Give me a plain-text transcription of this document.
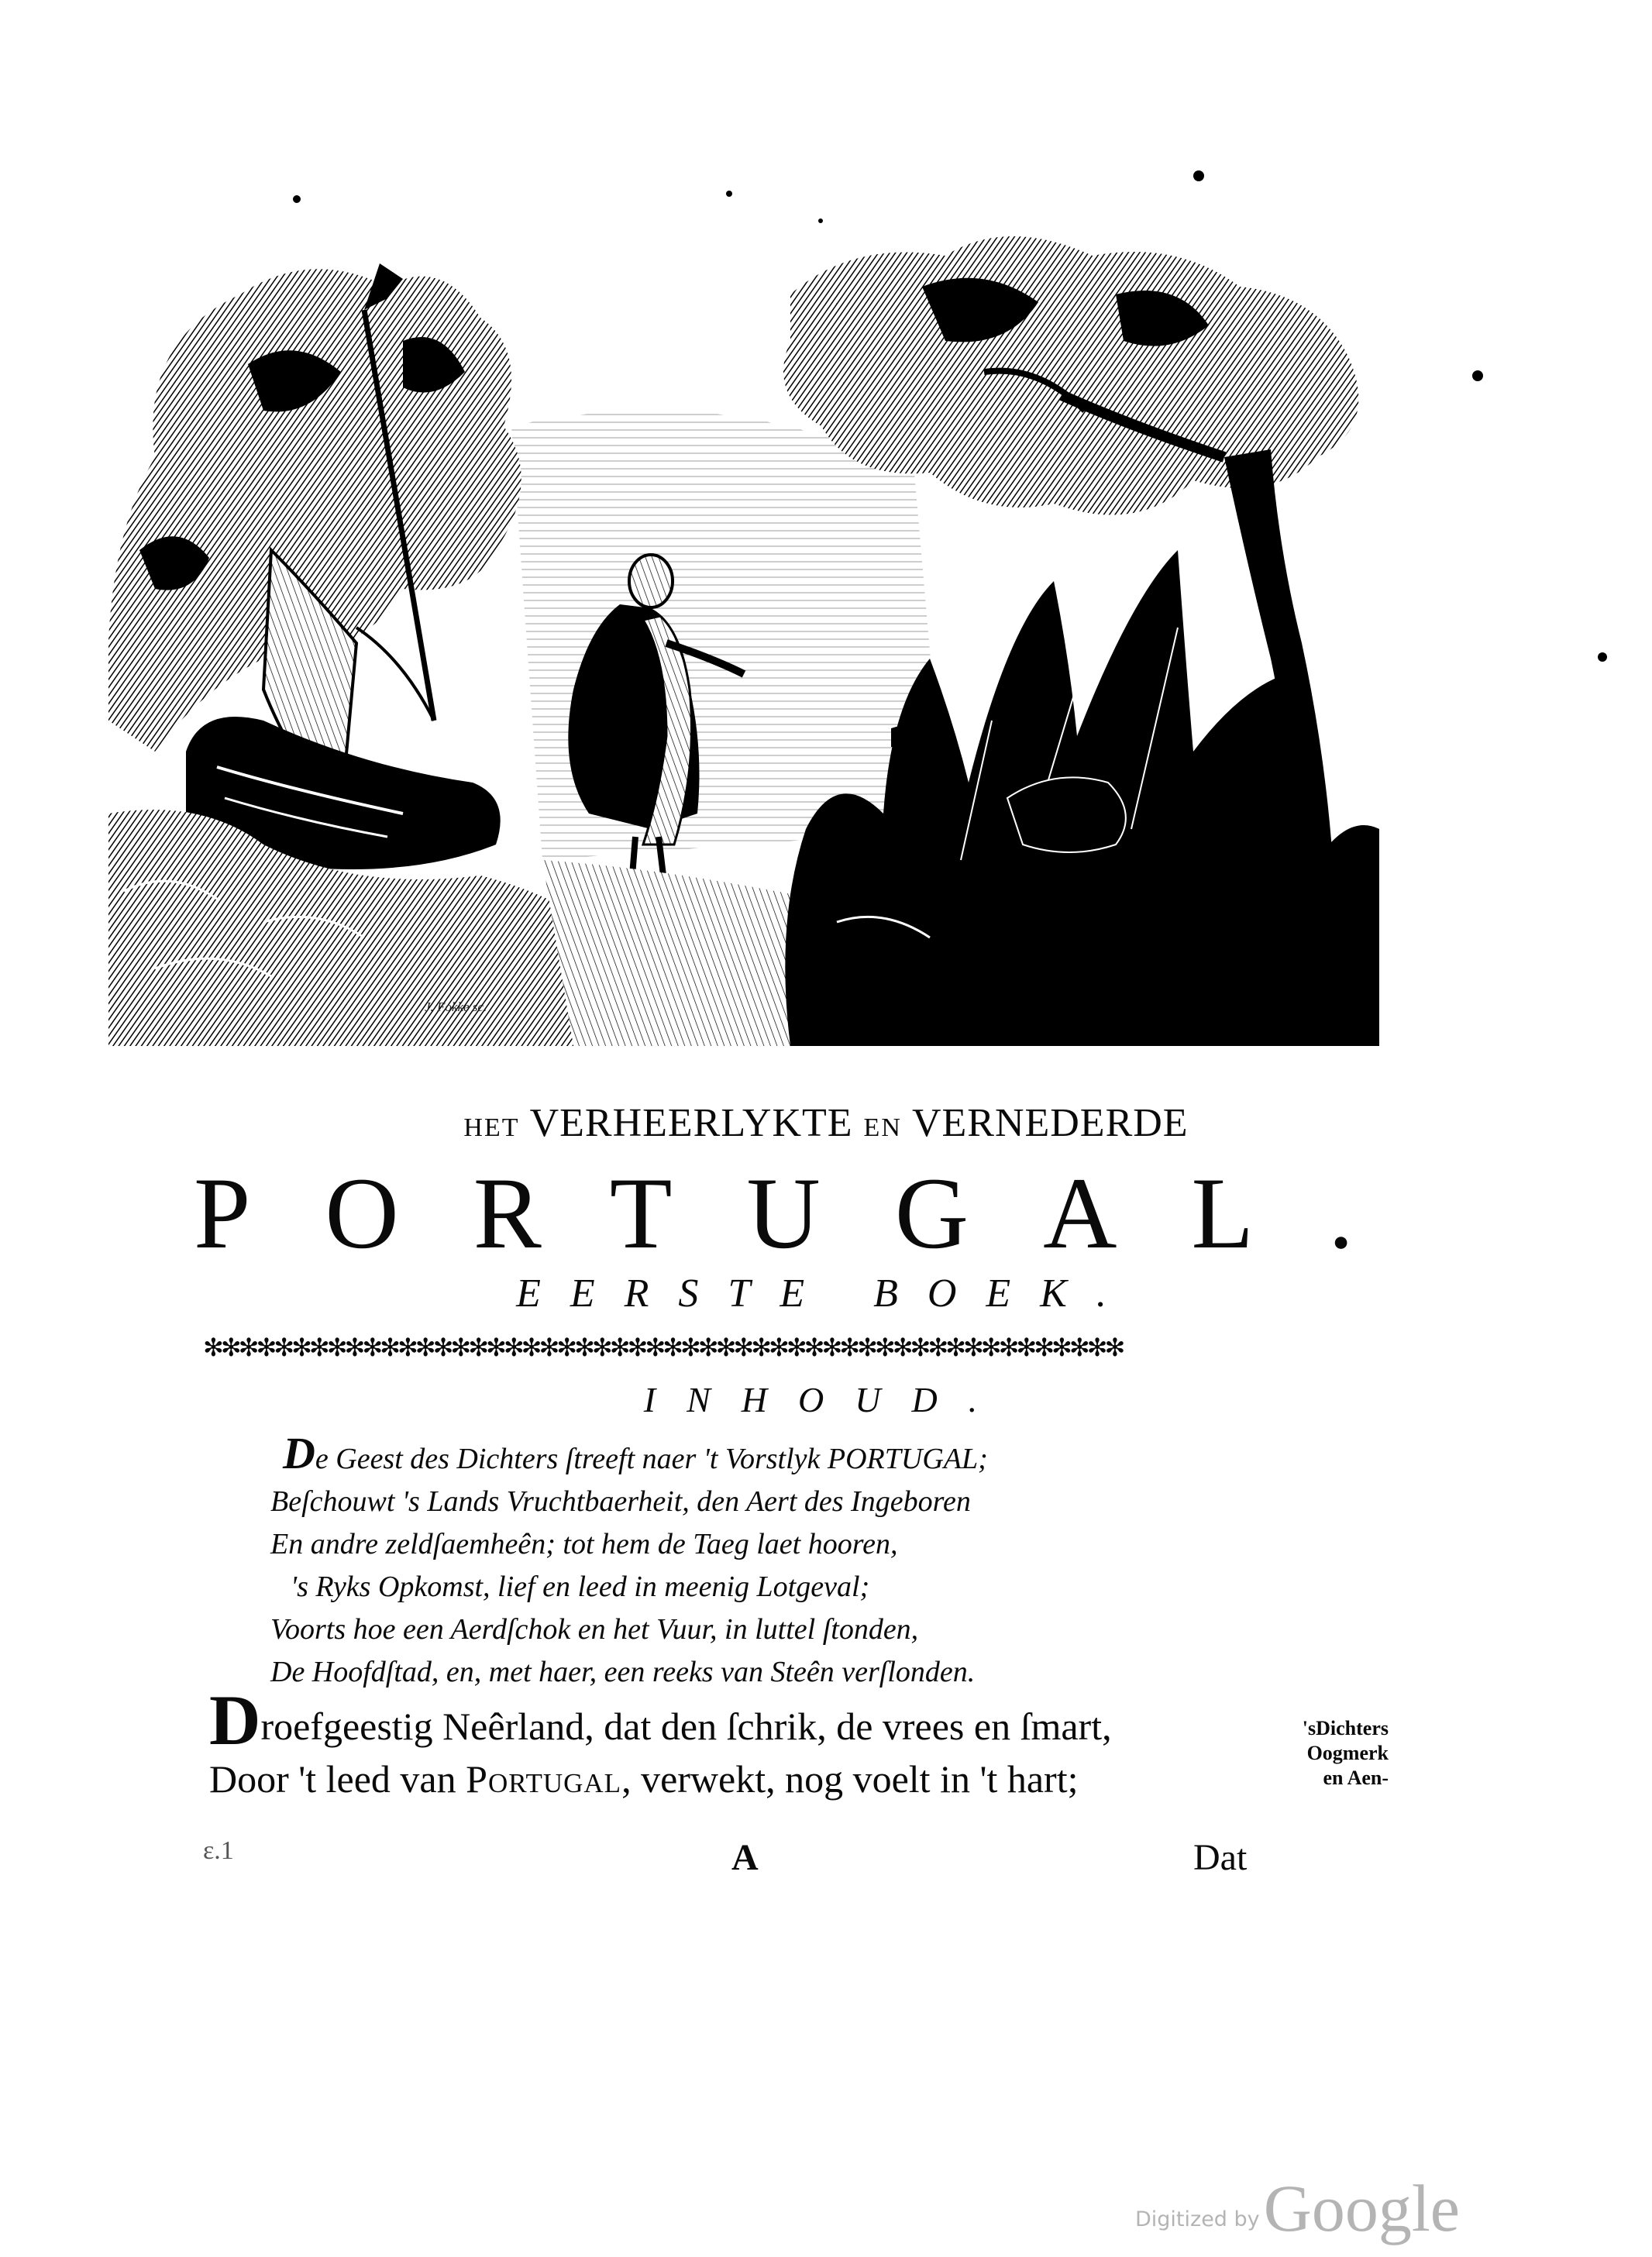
J. Fokke sc.
HET VERHEERLYKTE EN VERNEDERDE
PORTUGAL.
EERSTE BOEK.
✻✻✻✻✻✻✻✻✻✻✻✻✻✻✻✻✻✻✻✻✻✻✻✻✻✻✻✻✻✻✻✻✻✻✻✻✻✻✻✻✻✻✻✻✻✻✻✻✻✻✻✻
INHOUD.
De Geest des Dichters ſtreeft naer 't Vorstlyk PORTUGAL;
Beſchouwt 's Lands Vruchtbaerheit, den Aert des Ingeboren
En andre zeldſaemheên; tot hem de Taeg laet hooren,
's Ryks Opkomst, lief en leed in meenig Lotgeval;
Voorts hoe een Aerdſchok en het Vuur, in luttel ſtonden,
De Hoofdſtad, en, met haer, een reeks van Steên verſlonden.
Droefgeestig Neêrland, dat den ſchrik, de vrees en ſmart,
Door 't leed van Portugal, verwekt, nog voelt in 't hart;
'sDichters
Oogmerk
en Aen-
ɛ.1	A	Dat
Digitized by Google
